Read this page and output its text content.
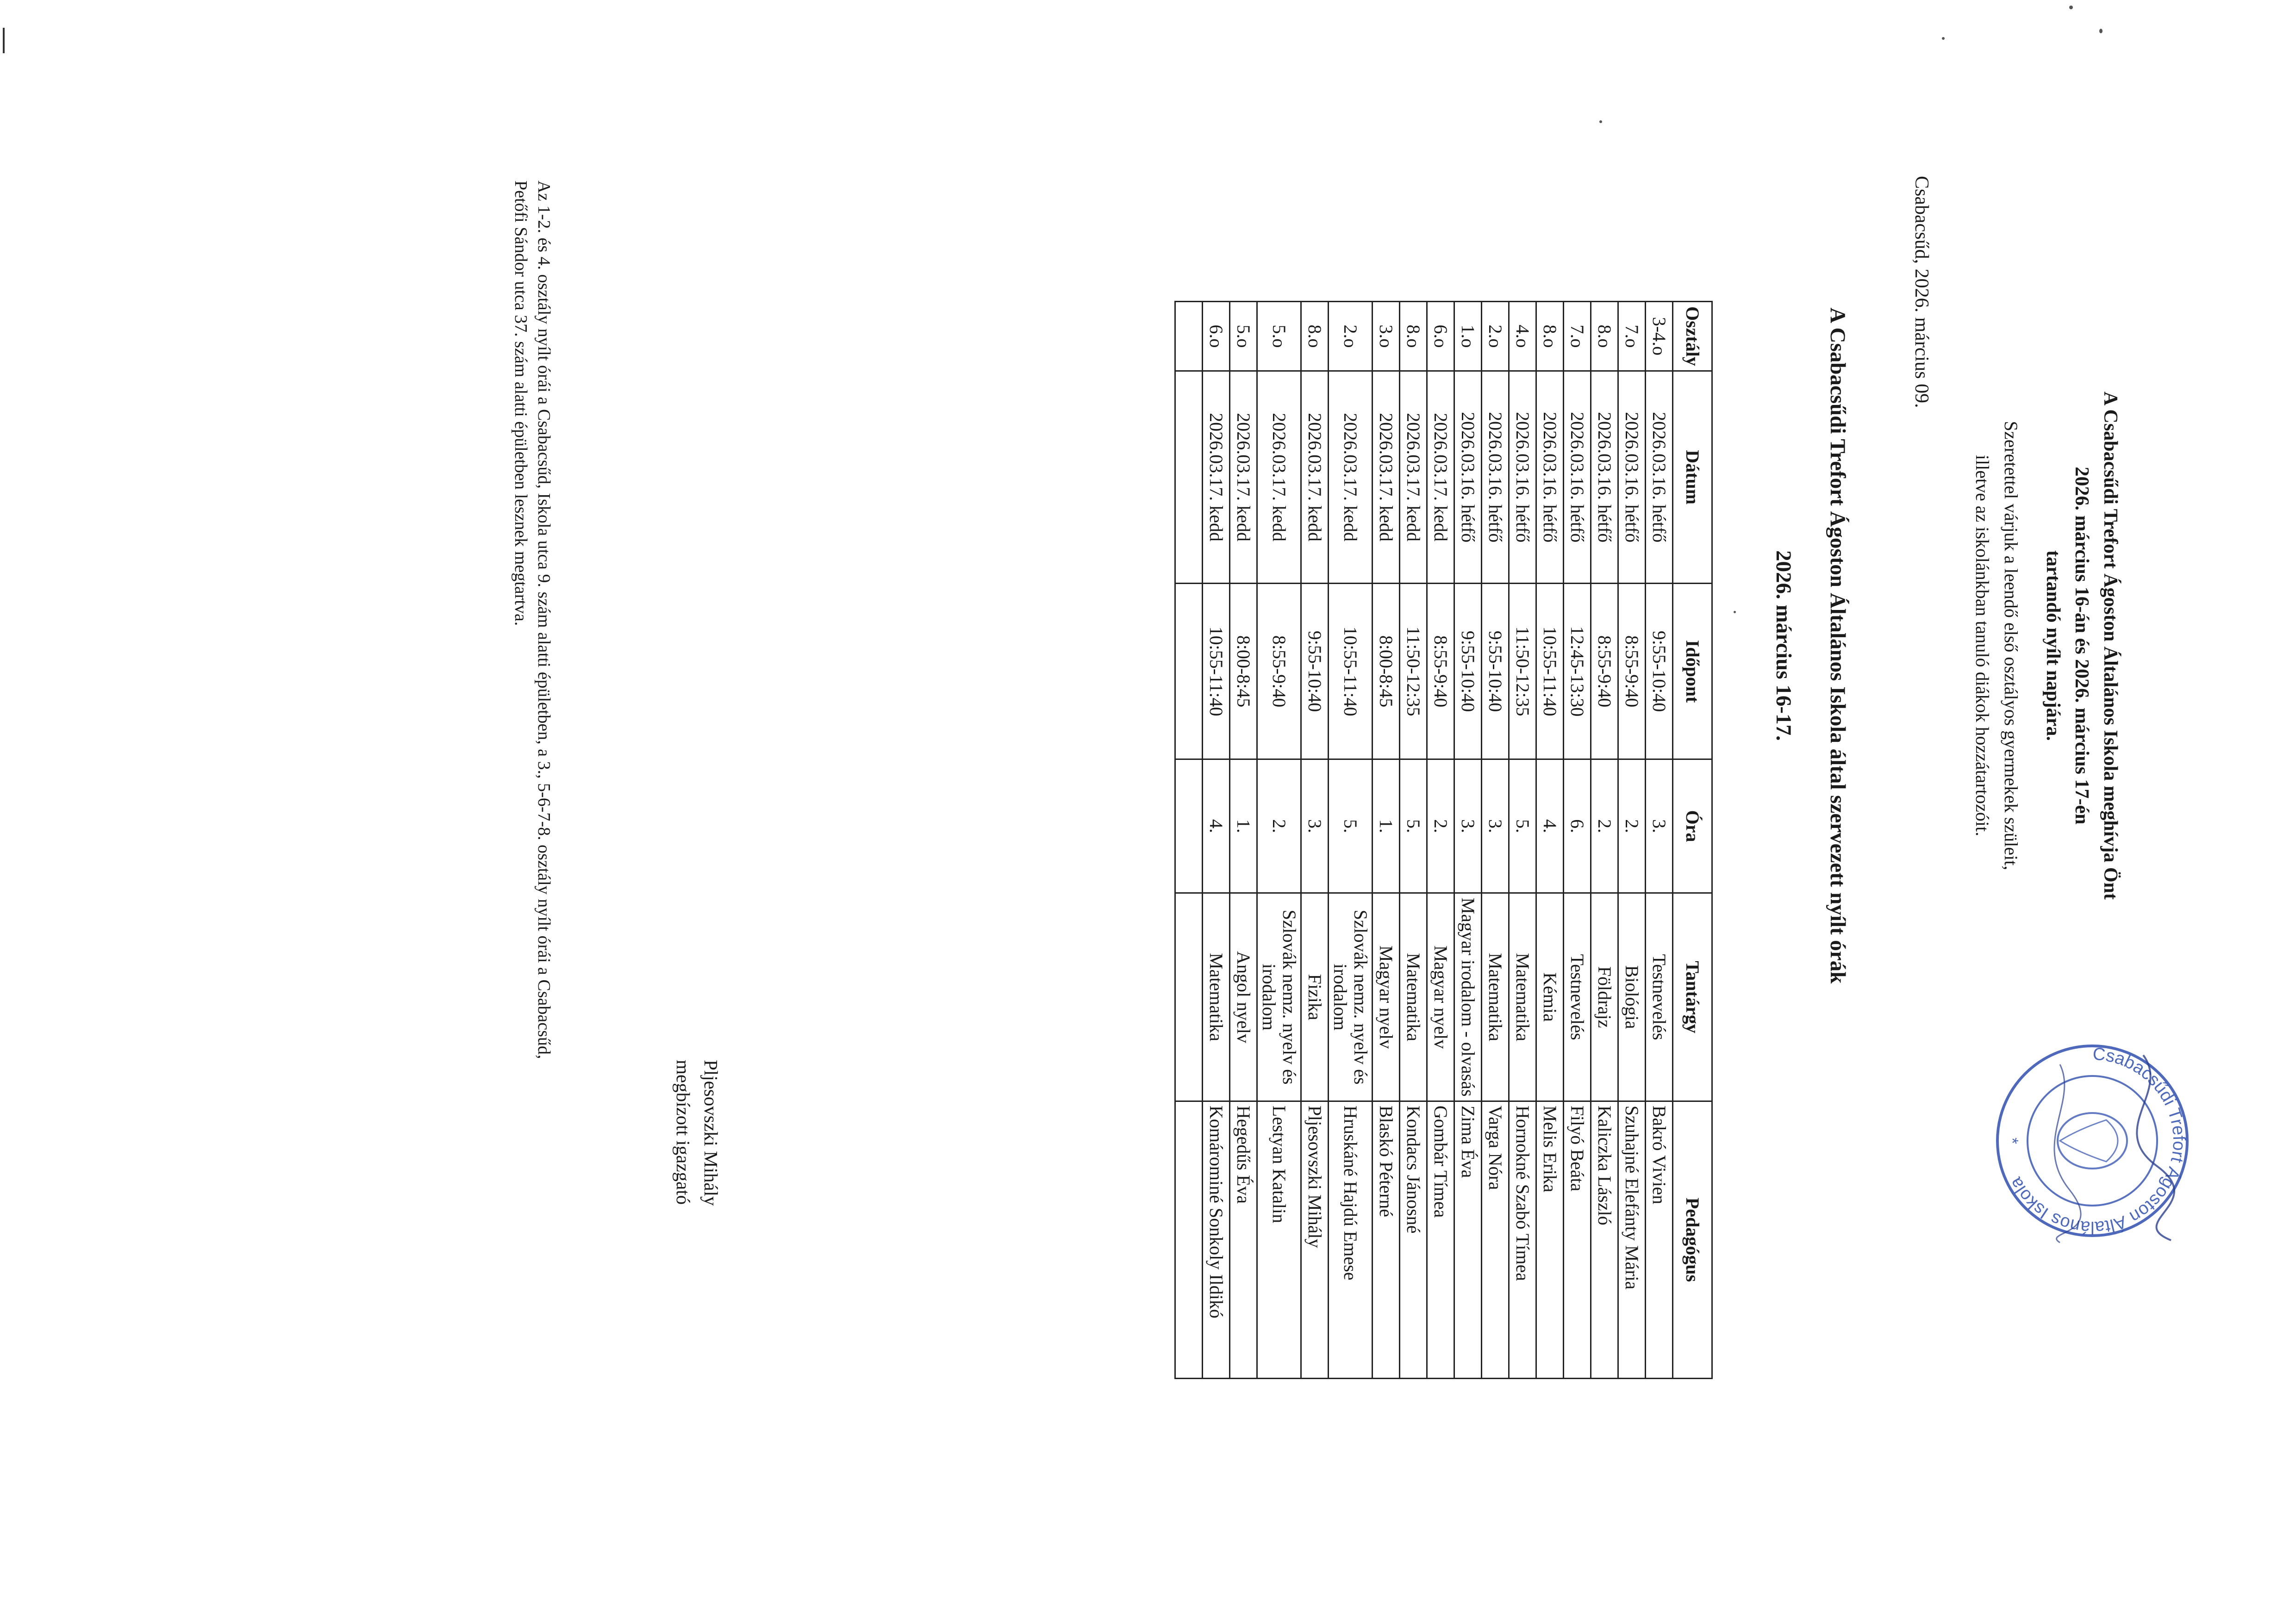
A Csabacsűdi Trefort Ágoston Általános Iskola meghívja Önt
2026. március 16-án és 2026. március 17-én
tartandó nyílt napjára.
Szeretettel várjuk a leendő első osztályos gyermekek szüleit,
illetve az iskolánkban tanuló diákok hozzátartozóit.
Csabacsűd, 2026. március 09.
A Csabacsűdi Trefort Ágoston Általános Iskola által szervezett nyílt órák
2026. március 16-17.
Csabacsűdi Trefort Ágoston Általános Iskola
*
Pljesovszki Mihály
megbízott igazgató
Osztály	Dátum	Időpont	Óra	Tantárgy	Pedagógus
3-4.o	2026.03.16. hétfő	9:55-10:40	3.	Testnevelés	Bakró Vivien
7.o	2026.03.16. hétfő	8:55-9:40	2.	Biológia	Szuhajné Elefánty Mária
8.o	2026.03.16. hétfő	8:55-9:40	2.	Földrajz	Kaliczka László
7.o	2026.03.16. hétfő	12:45-13:30	6.	Testnevelés	Filyó Beáta
8.o	2026.03.16. hétfő	10:55-11:40	4.	Kémia	Melis Erika
4.o	2026.03.16. hétfő	11:50-12:35	5.	Matematika	Hornokné Szabó Tímea
2.o	2026.03.16. hétfő	9:55-10:40	3.	Matematika	Varga Nóra
1.o	2026.03.16. hétfő	9:55-10:40	3.	Magyar irodalom - olvasás	Zima Éva
6.o	2026.03.17. kedd	8:55-9:40	2.	Magyar nyelv	Gombár Tímea
8.o	2026.03.17. kedd	11:50-12:35	5.	Matematika	Kondacs Jánosné
3.o	2026.03.17. kedd	8:00-8:45	1.	Magyar nyelv	Blaskó Péterné
2.o	2026.03.17. kedd	10:55-11:40	5.	Szlovák nemz. nyelv és irodalom	Hruskáné Hajdú Emese
8.o	2026.03.17. kedd	9:55-10:40	3.	Fizika	Pljesovszki Mihály
5.o	2026.03.17. kedd	8:55-9:40	2.	Szlovák nemz. nyelv és irodalom	Lestyan Katalin
5.o	2026.03.17. kedd	8:00-8:45	1.	Angol nyelv	Hegedűs Éva
6.o	2026.03.17. kedd	10:55-11:40	4.	Matematika	Komárominé Sonkoly Ildikó

Az 1-2. és 4. osztály nyílt órái a Csabacsűd, Iskola utca 9. szám alatti épületben, a 3., 5-6-7-8. osztály nyílt órái a Csabacsűd,
Petőfi Sándor utca 37. szám alatti épületben lesznek megtartva.
